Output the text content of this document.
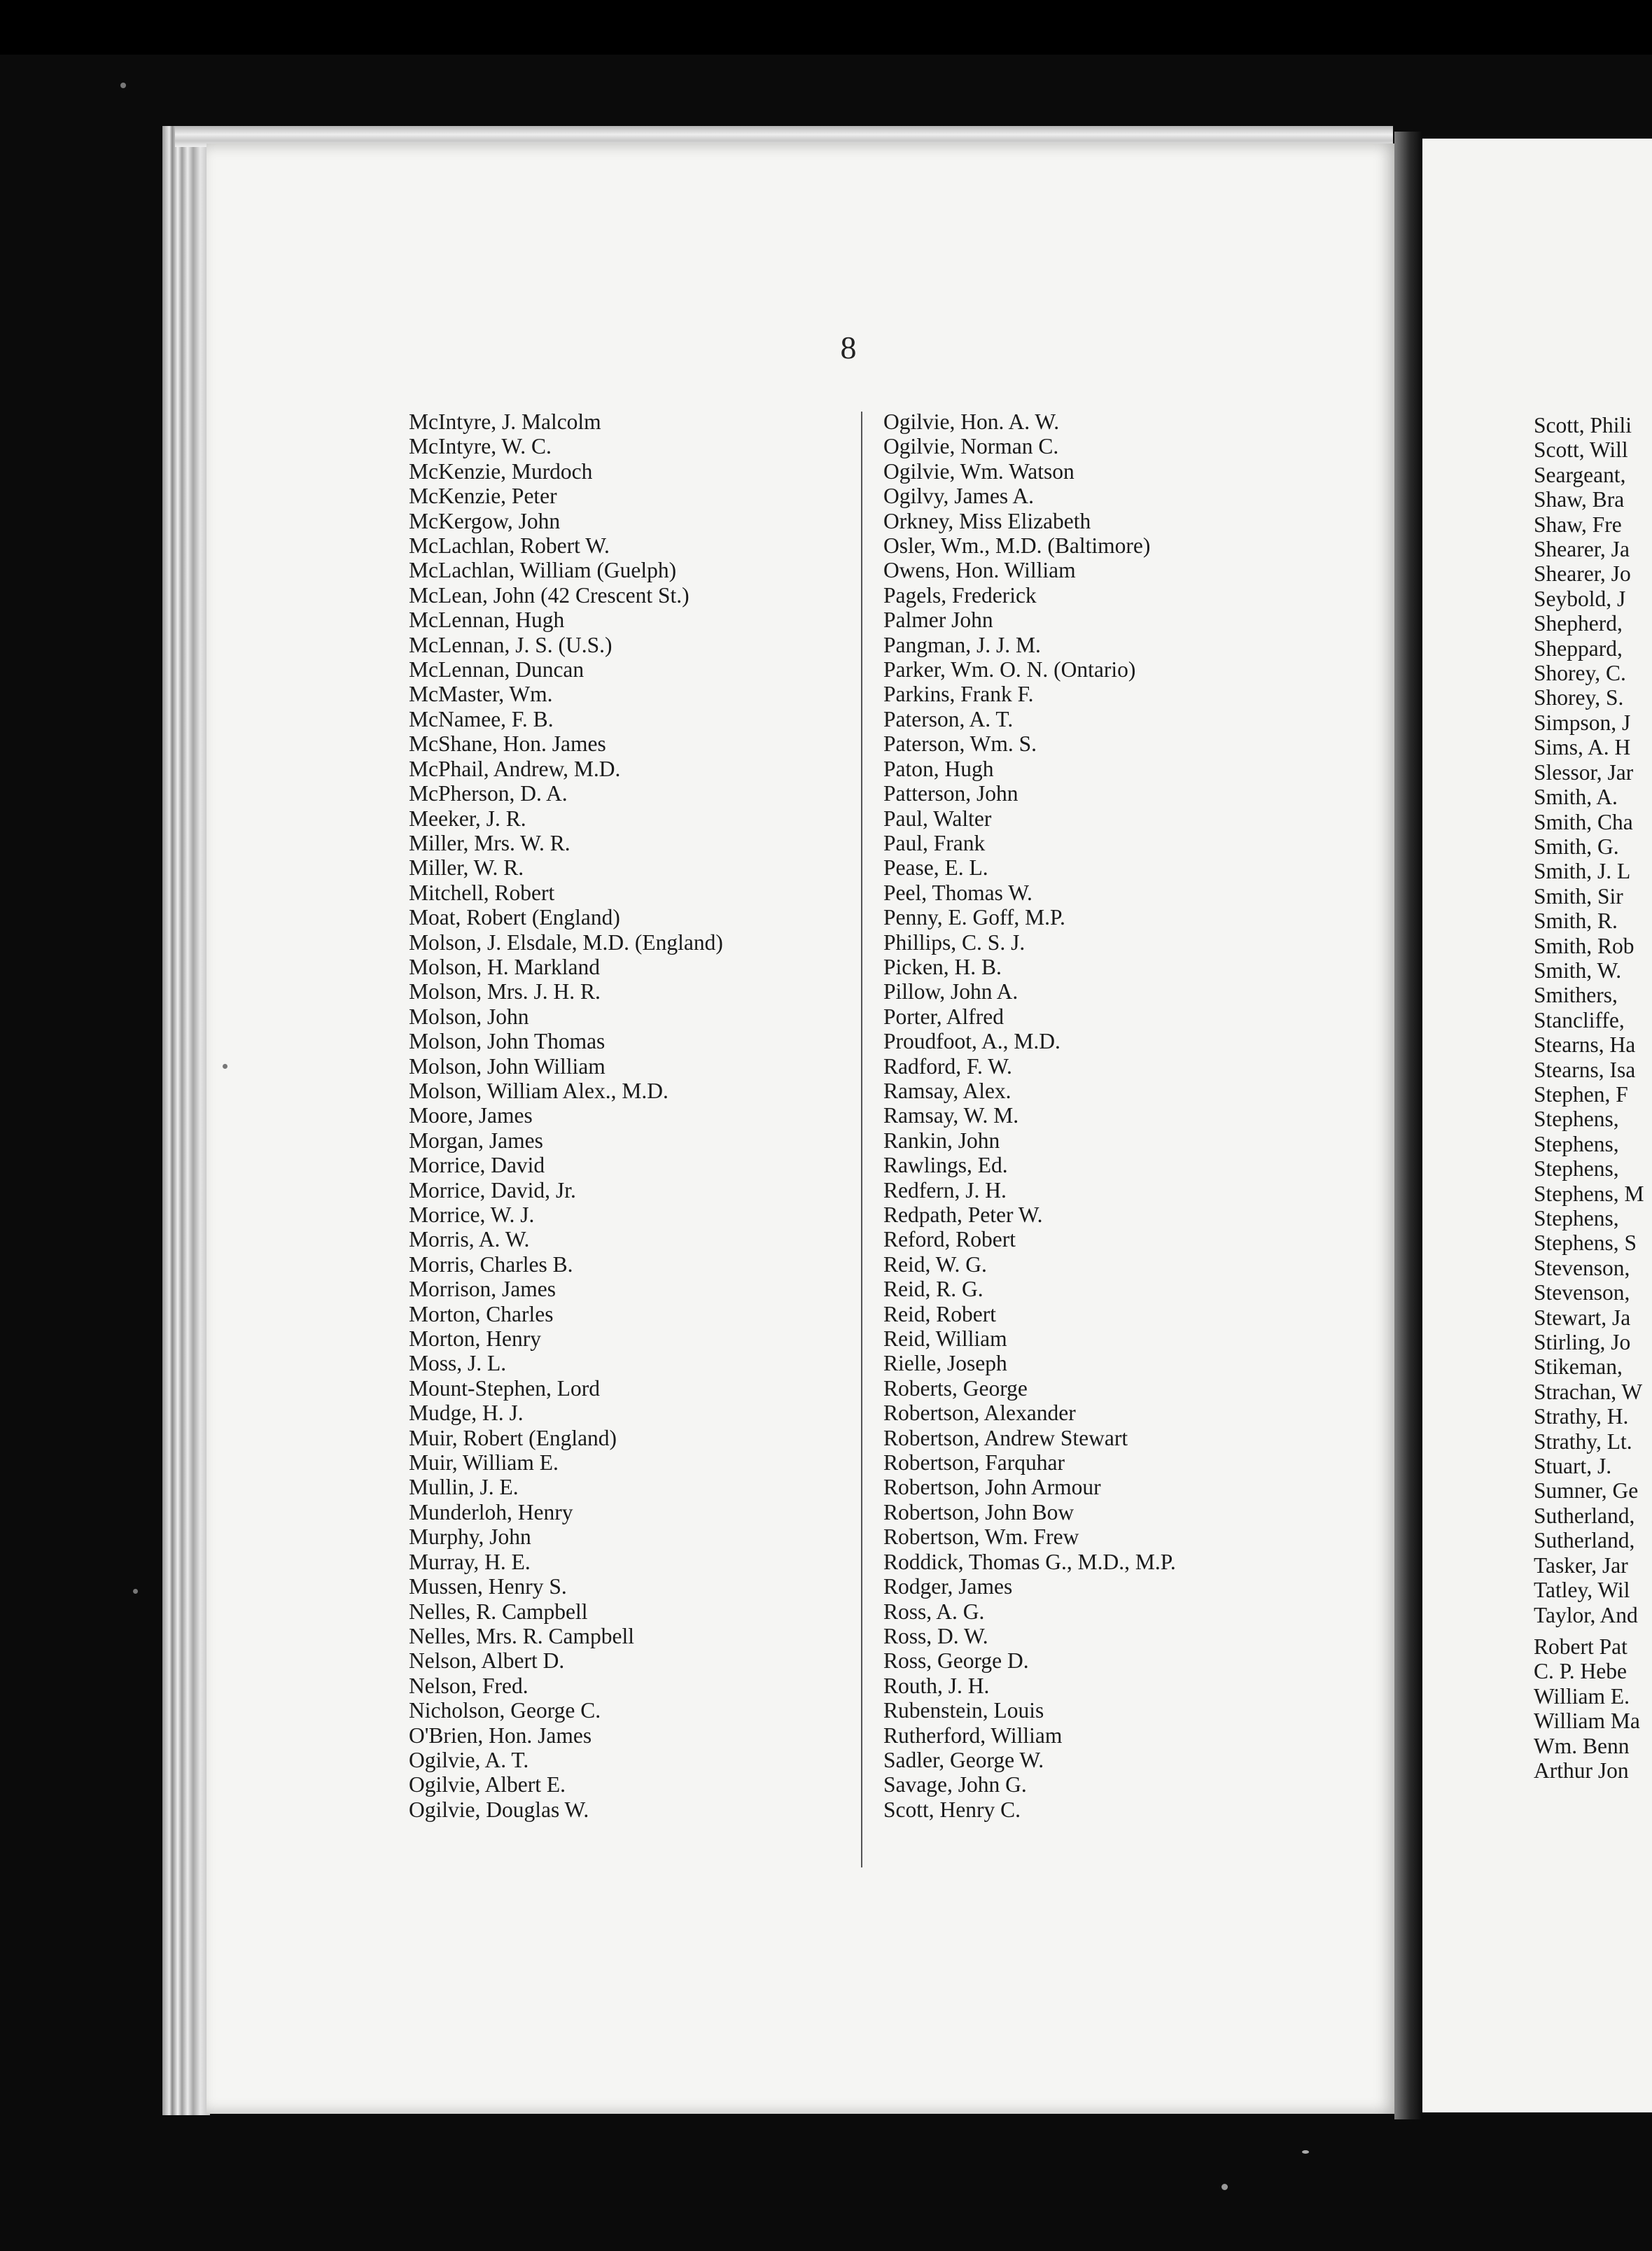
8
McIntyre, J. Malcolm
McIntyre, W. C.
McKenzie, Murdoch
McKenzie, Peter
McKergow, John
McLachlan, Robert W.
McLachlan, William (Guelph)
McLean, John (42 Crescent St.)
McLennan, Hugh
McLennan, J. S. (U.S.)
McLennan, Duncan
McMaster, Wm.
McNamee, F. B.
McShane, Hon. James
McPhail, Andrew, M.D.
McPherson, D. A.
Meeker, J. R.
Miller, Mrs. W. R.
Miller, W. R.
Mitchell, Robert
Moat, Robert (England)
Molson, J. Elsdale, M.D. (England)
Molson, H. Markland
Molson, Mrs. J. H. R.
Molson, John
Molson, John Thomas
Molson, John William
Molson, William Alex., M.D.
Moore, James
Morgan, James
Morrice, David
Morrice, David, Jr.
Morrice, W. J.
Morris, A. W.
Morris, Charles B.
Morrison, James
Morton, Charles
Morton, Henry
Moss, J. L.
Mount-Stephen, Lord
Mudge, H. J.
Muir, Robert (England)
Muir, William E.
Mullin, J. E.
Munderloh, Henry
Murphy, John
Murray, H. E.
Mussen, Henry S.
Nelles, R. Campbell
Nelles, Mrs. R. Campbell
Nelson, Albert D.
Nelson, Fred.
Nicholson, George C.
O'Brien, Hon. James
Ogilvie, A. T.
Ogilvie, Albert E.
Ogilvie, Douglas W.
Ogilvie, Hon. A. W.
Ogilvie, Norman C.
Ogilvie, Wm. Watson
Ogilvy, James A.
Orkney, Miss Elizabeth
Osler, Wm., M.D. (Baltimore)
Owens, Hon. William
Pagels, Frederick
Palmer John
Pangman, J. J. M.
Parker, Wm. O. N. (Ontario)
Parkins, Frank F.
Paterson, A. T.
Paterson, Wm. S.
Paton, Hugh
Patterson, John
Paul, Walter
Paul, Frank
Pease, E. L.
Peel, Thomas W.
Penny, E. Goff, M.P.
Phillips, C. S. J.
Picken, H. B.
Pillow, John A.
Porter, Alfred
Proudfoot, A., M.D.
Radford, F. W.
Ramsay, Alex.
Ramsay, W. M.
Rankin, John
Rawlings, Ed.
Redfern, J. H.
Redpath, Peter W.
Reford, Robert
Reid, W. G.
Reid, R. G.
Reid, Robert
Reid, William
Rielle, Joseph
Roberts, George
Robertson, Alexander
Robertson, Andrew Stewart
Robertson, Farquhar
Robertson, John Armour
Robertson, John Bow
Robertson, Wm. Frew
Roddick, Thomas G., M.D., M.P.
Rodger, James
Ross, A. G.
Ross, D. W.
Ross, George D.
Routh, J. H.
Rubenstein, Louis
Rutherford, William
Sadler, George W.
Savage, John G.
Scott, Henry C.
Scott, Phili
Scott, Will
Seargeant,
Shaw, Bra
Shaw, Fre
Shearer, Ja
Shearer, Jo
Seybold, J
Shepherd,
Sheppard,
Shorey, C.
Shorey, S.
Simpson, J
Sims, A. H
Slessor, Jar
Smith, A.
Smith, Cha
Smith, G.
Smith, J. L
Smith, Sir
Smith, R.
Smith, Rob
Smith, W.
Smithers,
Stancliffe,
Stearns, Ha
Stearns, Isa
Stephen, F
Stephens,
Stephens,
Stephens,
Stephens, M
Stephens,
Stephens, S
Stevenson,
Stevenson,
Stewart, Ja
Stirling, Jo
Stikeman,
Strachan, W
Strathy, H.
Strathy, Lt.
Stuart, J.
Sumner, Ge
Sutherland,
Sutherland,
Tasker, Jar
Tatley, Wil
Taylor, And
Robert Pat
C. P. Hebe
William E.
William Ma
Wm. Benn
Arthur Jon
